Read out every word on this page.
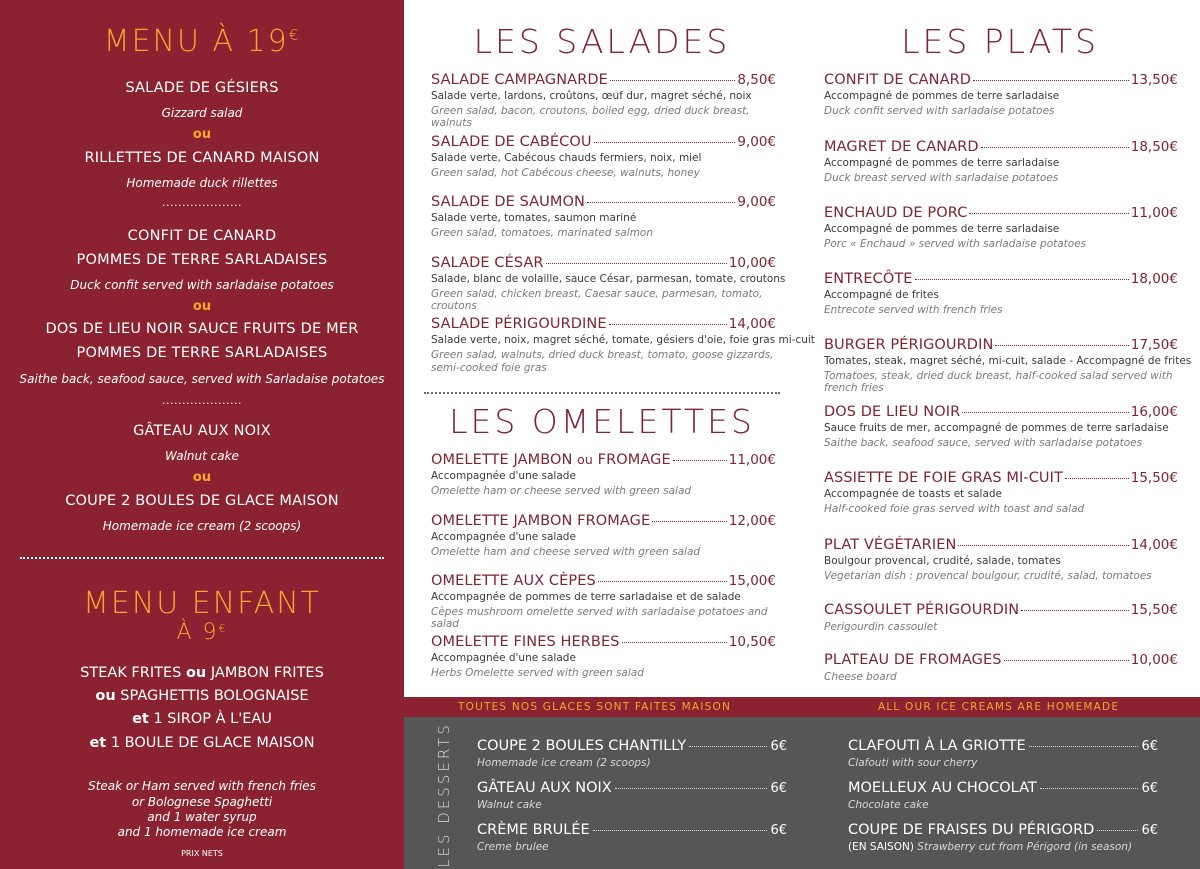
MENU À 19€
SALADE DE GÉSIERS
Gizzard salad
ou
RILLETTES DE CANARD MAISON
Homemade duck rillettes
....................
CONFIT DE CANARD
POMMES DE TERRE SARLADAISES
Duck confit served with sarladaise potatoes
ou
DOS DE LIEU NOIR SAUCE FRUITS DE MER
POMMES DE TERRE SARLADAISES
Saithe back, seafood sauce, served with Sarladaise potatoes
....................
GÂTEAU AUX NOIX
Walnut cake
ou
COUPE 2 BOULES DE GLACE MAISON
Homemade ice cream (2 scoops)
MENU ENFANT
À 9€
STEAK FRITES ou JAMBON FRITES
ou SPAGHETTIS BOLOGNAISE
et 1 SIROP À L'EAU
et 1 BOULE DE GLACE MAISON
Steak or Ham served with french fries
or Bolognese Spaghetti
and 1 water syrup
and 1 homemade ice cream
PRIX NETS
LES SALADES
SALADE CAMPAGNARDE	8,50€
Salade verte, lardons, croûtons, œuf dur, magret séché, noix
Green salad, bacon, croutons, boiled egg, dried duck breast, walnuts
SALADE DE CABÉCOU	9,00€
Salade verte, Cabécous chauds fermiers, noix, miel
Green salad, hot Cabécous cheese, walnuts, honey
SALADE DE SAUMON	9,00€
Salade verte, tomates, saumon mariné
Green salad, tomatoes, marinated salmon
SALADE CÉSAR	10,00€
Salade, blanc de volaille, sauce César, parmesan, tomate, croutons
Green salad, chicken breast, Caesar sauce, parmesan, tomato, croutons
SALADE PÉRIGOURDINE	14,00€
Salade verte, noix, magret séché, tomate, gésiers d'oie, foie gras mi-cuit
Green salad, walnuts, dried duck breast, tomato, goose gizzards,
semi-cooked foie gras
LES OMELETTES
OMELETTE JAMBON ou FROMAGE	11,00€
Accompagnée d'une salade
Omelette ham or cheese served with green salad
OMELETTE JAMBON FROMAGE	12,00€
Accompagnée d'une salade
Omelette ham and cheese served with green salad
OMELETTE AUX CÈPES	15,00€
Accompagnée de pommes de terre sarladaise et de salade
Cèpes mushroom omelette served with sarladaise potatoes and salad
OMELETTE FINES HERBES	10,50€
Accompagnée d'une salade
Herbs Omelette served with green salad
LES PLATS
CONFIT DE CANARD	13,50€
Accompagné de pommes de terre sarladaise
Duck confit served with sarladaise potatoes
MAGRET DE CANARD	18,50€
Accompagné de pommes de terre sarladaise
Duck breast served with sarladaise potatoes
ENCHAUD DE PORC	11,00€
Accompagné de pommes de terre sarladaise
Porc « Enchaud » served with sarladaise potatoes
ENTRECÔTE	18,00€
Accompagné de frites
Entrecote served with french fries
BURGER PÉRIGOURDIN	17,50€
Tomates, steak, magret séché, mi-cuit, salade - Accompagné de frites
Tomatoes, steak, dried duck breast, half-cooked salad served with french fries
DOS DE LIEU NOIR	16,00€
Sauce fruits de mer, accompagné de pommes de terre sarladaise
Saithe back, seafood sauce, served with sarladaise potatoes
ASSIETTE DE FOIE GRAS MI-CUIT	15,50€
Accompagnée de toasts et salade
Half-cooked foie gras served with toast and salad
PLAT VÉGÉTARIEN	14,00€
Boulgour provencal, crudité, salade, tomates
Vegetarian dish : provencal boulgour, crudité, salad, tomatoes
CASSOULET PÉRIGOURDIN	15,50€
Perigourdin cassoulet
PLATEAU DE FROMAGES	10,00€
Cheese board
TOUTES NOS GLACES SONT FAITES MAISON	ALL OUR ICE CREAMS ARE HOMEMADE
LES DESSERTS COUPE 2 BOULES CHANTILLY	6€
Homemade ice cream (2 scoops)
GÂTEAU AUX NOIX	6€
Walnut cake
CRÈME BRULÉE	6€
Creme brulee
CLAFOUTI À LA GRIOTTE	6€
Clafouti with sour cherry
MOELLEUX AU CHOCOLAT	6€
Chocolate cake
COUPE DE FRAISES DU PÉRIGORD	6€
(EN SAISON) Strawberry cut from Périgord (in season)
